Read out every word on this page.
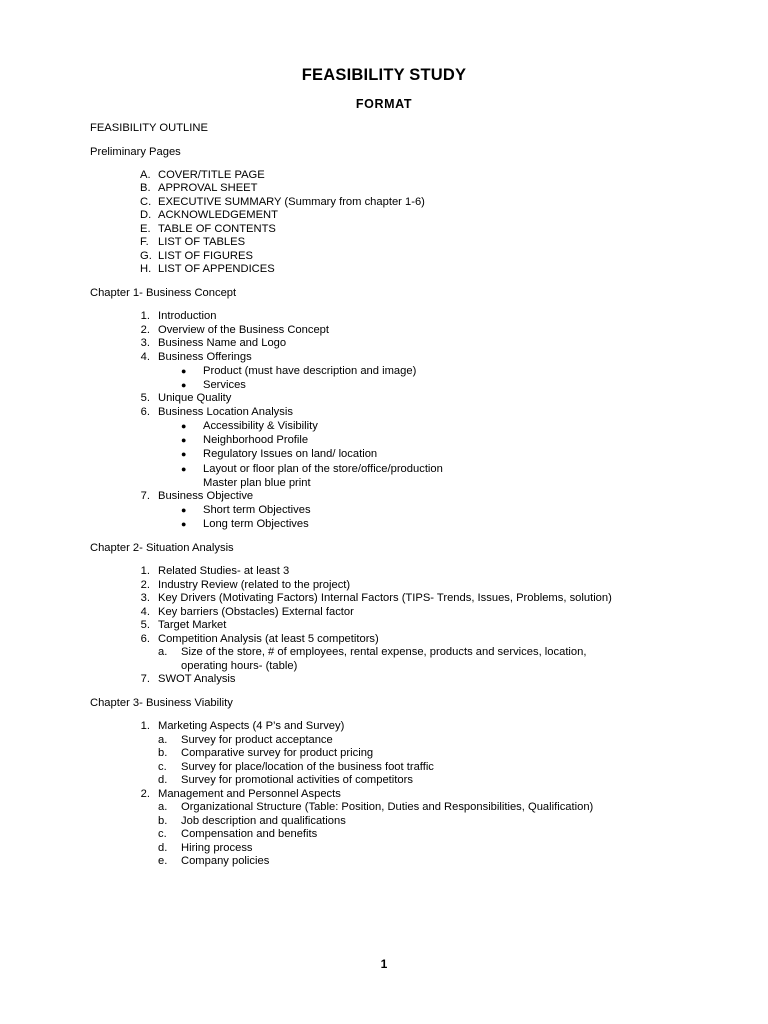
FEASIBILITY STUDY
FORMAT
FEASIBILITY OUTLINE
Preliminary Pages
A. COVER/TITLE PAGE
B. APPROVAL SHEET
C. EXECUTIVE SUMMARY (Summary from chapter 1-6)
D. ACKNOWLEDGEMENT
E. TABLE OF CONTENTS
F. LIST OF TABLES
G. LIST OF FIGURES
H. LIST OF APPENDICES
Chapter 1- Business Concept
1. Introduction
2. Overview of the Business Concept
3. Business Name and Logo
4. Business Offerings
● Product (must have description and image)
● Services
5. Unique Quality
6. Business Location Analysis
● Accessibility & Visibility
● Neighborhood Profile
● Regulatory Issues on land/ location
● Layout or floor plan of the store/office/production
Master plan blue print
7. Business Objective
● Short term Objectives
● Long term Objectives
Chapter 2- Situation Analysis
1. Related Studies- at least 3
2. Industry Review (related to the project)
3. Key Drivers (Motivating Factors) Internal Factors (TIPS- Trends, Issues, Problems, solution)
4. Key barriers (Obstacles) External factor
5. Target Market
6. Competition Analysis (at least 5 competitors)
a. Size of the store, # of employees, rental expense, products and services, location,
operating hours- (table)
7. SWOT Analysis
Chapter 3- Business Viability
1. Marketing Aspects (4 P’s and Survey)
a. Survey for product acceptance
b. Comparative survey for product pricing
c. Survey for place/location of the business foot traffic
d. Survey for promotional activities of competitors
2. Management and Personnel Aspects
a. Organizational Structure (Table: Position, Duties and Responsibilities, Qualification)
b. Job description and qualifications
c. Compensation and benefits
d. Hiring process
e. Company policies
1
